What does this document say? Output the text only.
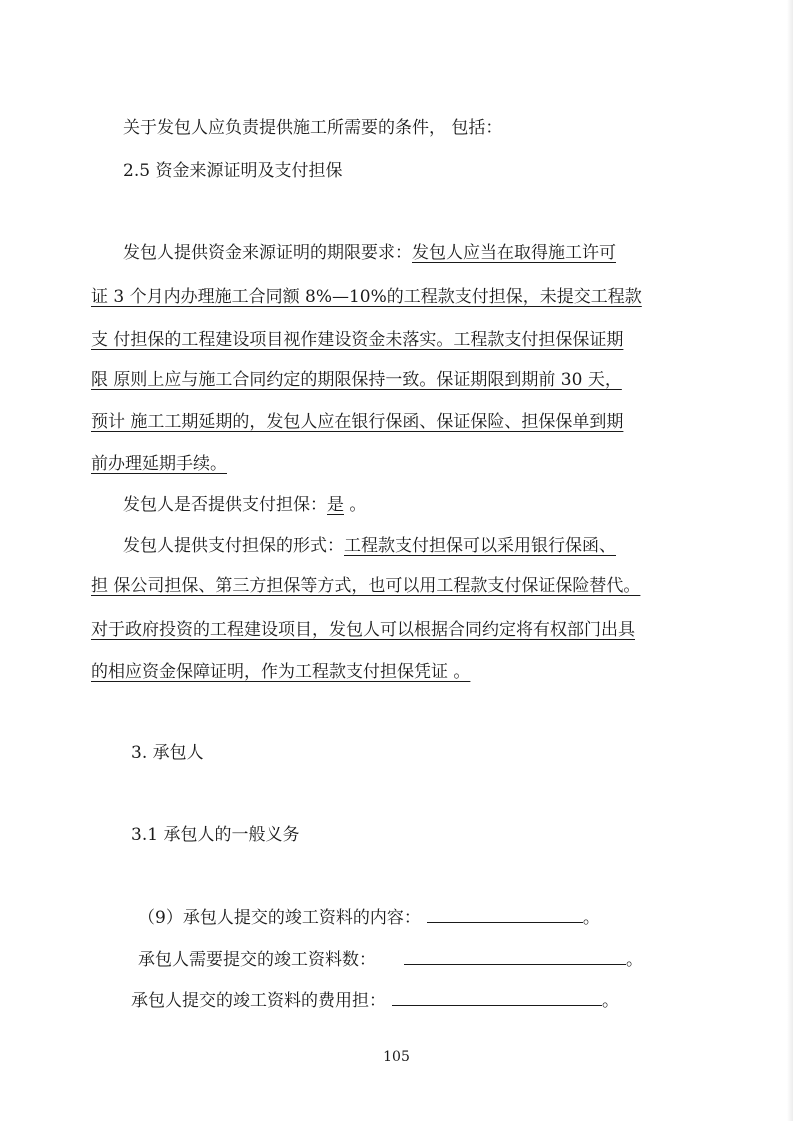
关于发包人应负责提供施工所需要的条件， 包括：
2.5 资金来源证明及支付担保
发包人提供资金来源证明的期限要求：发包人应当在取得施工许可
证 3 个月内办理施工合同额 8%—10%的工程款支付担保，未提交工程款
支 付担保的工程建设项目视作建设资金未落实。工程款支付担保保证期
限 原则上应与施工合同约定的期限保持一致。保证期限到期前 30 天，
预计 施工工期延期的，发包人应在银行保函、保证保险、担保保单到期
前办理延期手续。
发包人是否提供支付担保：是 。
发包人提供支付担保的形式：工程款支付担保可以采用银行保函、
担 保公司担保、第三方担保等方式，也可以用工程款支付保证保险替代。
对于政府投资的工程建设项目，发包人可以根据合同约定将有权部门出具
的相应资金保障证明，作为工程款支付担保凭证 。
3. 承包人
3.1 承包人的一般义务
（9）承包人提交的竣工资料的内容：	。
承包人需要提交的竣工资料数：	。
承包人提交的竣工资料的费用担：	。
105
